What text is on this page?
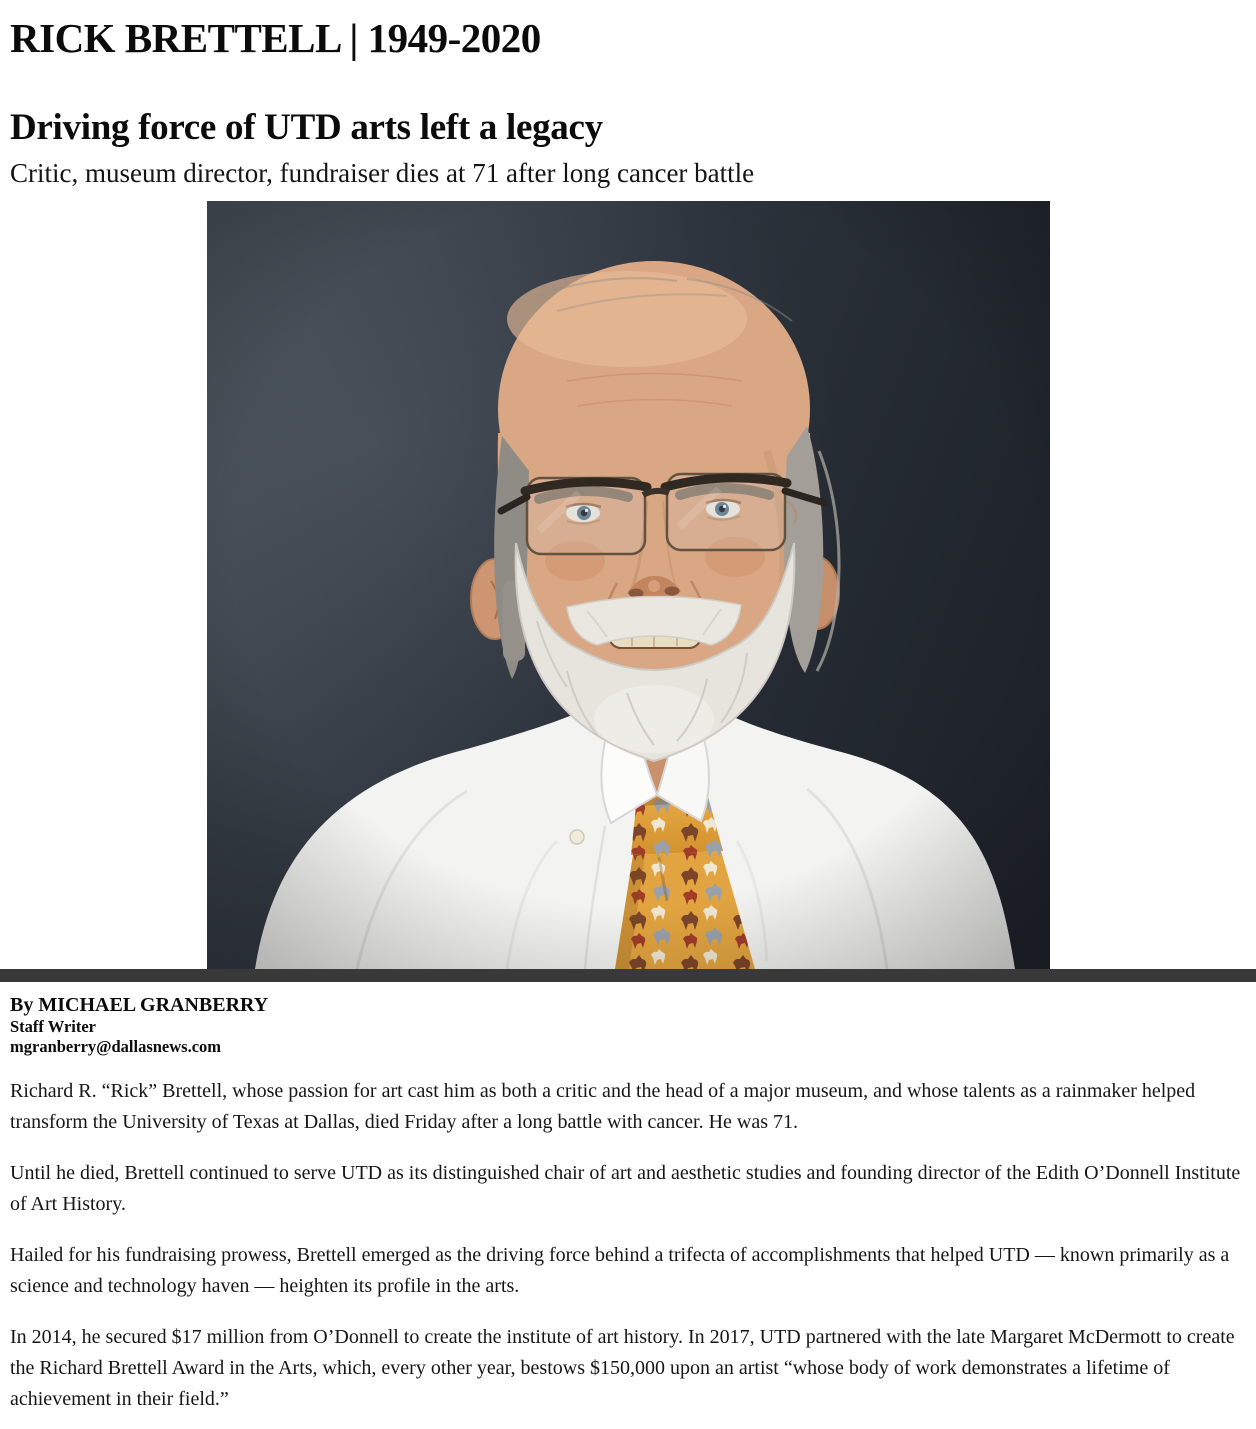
RICK BRETTELL | 1949-2020
Driving force of UTD arts left a legacy
Critic, museum director, fundraiser dies at 71 after long cancer battle
By MICHAEL GRANBERRY
Staff Writer
mgranberry@dallasnews.com

Richard R. “Rick” Brettell, whose passion for art cast him as both a critic and the head of a major museum, and whose talents as a rainmaker helped transform the University of Texas at Dallas, died Friday after a long battle with cancer. He was 71.

Until he died, Brettell continued to serve UTD as its distinguished chair of art and aesthetic studies and founding director of the Edith O’Donnell Institute of Art History.

Hailed for his fundraising prowess, Brettell emerged as the driving force behind a trifecta of accomplishments that helped UTD — known primarily as a science and technology haven — heighten its profile in the arts.

In 2014, he secured $17 million from O’Donnell to create the institute of art history. In 2017, UTD partnered with the late Margaret McDermott to create the Richard Brettell Award in the Arts, which, every other year, bestows $150,000 upon an artist “whose body of work demonstrates a lifetime of achievement in their field.”
